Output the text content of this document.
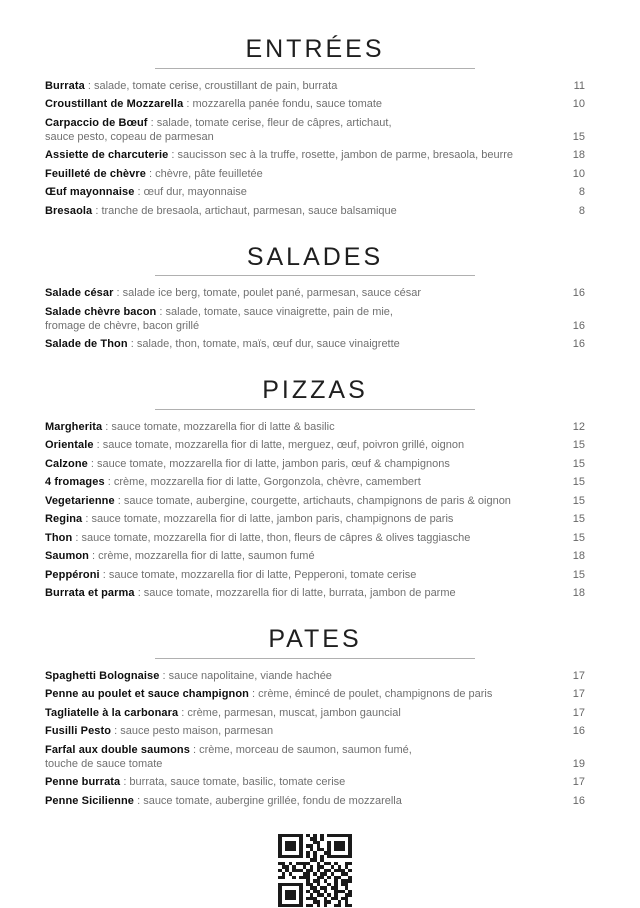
ENTRÉES
Burrata : salade, tomate cerise, croustillant de pain, burrata	11
Croustillant de Mozzarella : mozzarella panée fondu, sauce tomate	10
Carpaccio de Bœuf : salade, tomate cerise, fleur de câpres, artichaut,
sauce pesto, copeau de parmesan	15
Assiette de charcuterie : saucisson sec à la truffe, rosette, jambon de parme, bresaola, beurre	18
Feuilleté de chèvre : chèvre, pâte feuilletée	10
Œuf mayonnaise : œuf dur, mayonnaise	8
Bresaola : tranche de bresaola, artichaut, parmesan, sauce balsamique	8
SALADES
Salade césar : salade ice berg, tomate, poulet pané, parmesan, sauce césar	16
Salade chèvre bacon : salade, tomate, sauce vinaigrette, pain de mie,
fromage de chèvre, bacon grillé	16
Salade de Thon : salade, thon, tomate, maïs, œuf dur, sauce vinaigrette	16
PIZZAS
Margherita : sauce tomate, mozzarella fior di latte & basilic	12
Orientale : sauce tomate, mozzarella fior di latte, merguez, œuf, poivron grillé, oignon	15
Calzone : sauce tomate, mozzarella fior di latte, jambon paris, œuf & champignons	15
4 fromages : crème, mozzarella fior di latte, Gorgonzola, chèvre, camembert	15
Vegetarienne : sauce tomate, aubergine, courgette, artichauts, champignons de paris & oignon	15
Regina : sauce tomate, mozzarella fior di latte, jambon paris, champignons de paris	15
Thon : sauce tomate, mozzarella fior di latte, thon, fleurs de câpres & olives taggiasche	15
Saumon : crème, mozzarella fior di latte, saumon fumé	18
Peppéroni : sauce tomate, mozzarella fior di latte, Pepperoni, tomate cerise	15
Burrata et parma : sauce tomate, mozzarella fior di latte, burrata, jambon de parme	18
PATES
Spaghetti Bolognaise : sauce napolitaine, viande hachée	17
Penne au poulet et sauce champignon : crème, émincé de poulet, champignons de paris	17
Tagliatelle à la carbonara : crème, parmesan, muscat, jambon gauncial	17
Fusilli Pesto : sauce pesto maison, parmesan	16
Farfal aux double saumons : crème, morceau de saumon, saumon fumé,
touche de sauce tomate	19
Penne burrata : burrata, sauce tomate, basilic, tomate cerise	17
Penne Sicilienne : sauce tomate, aubergine grillée, fondu de mozzarella	16
